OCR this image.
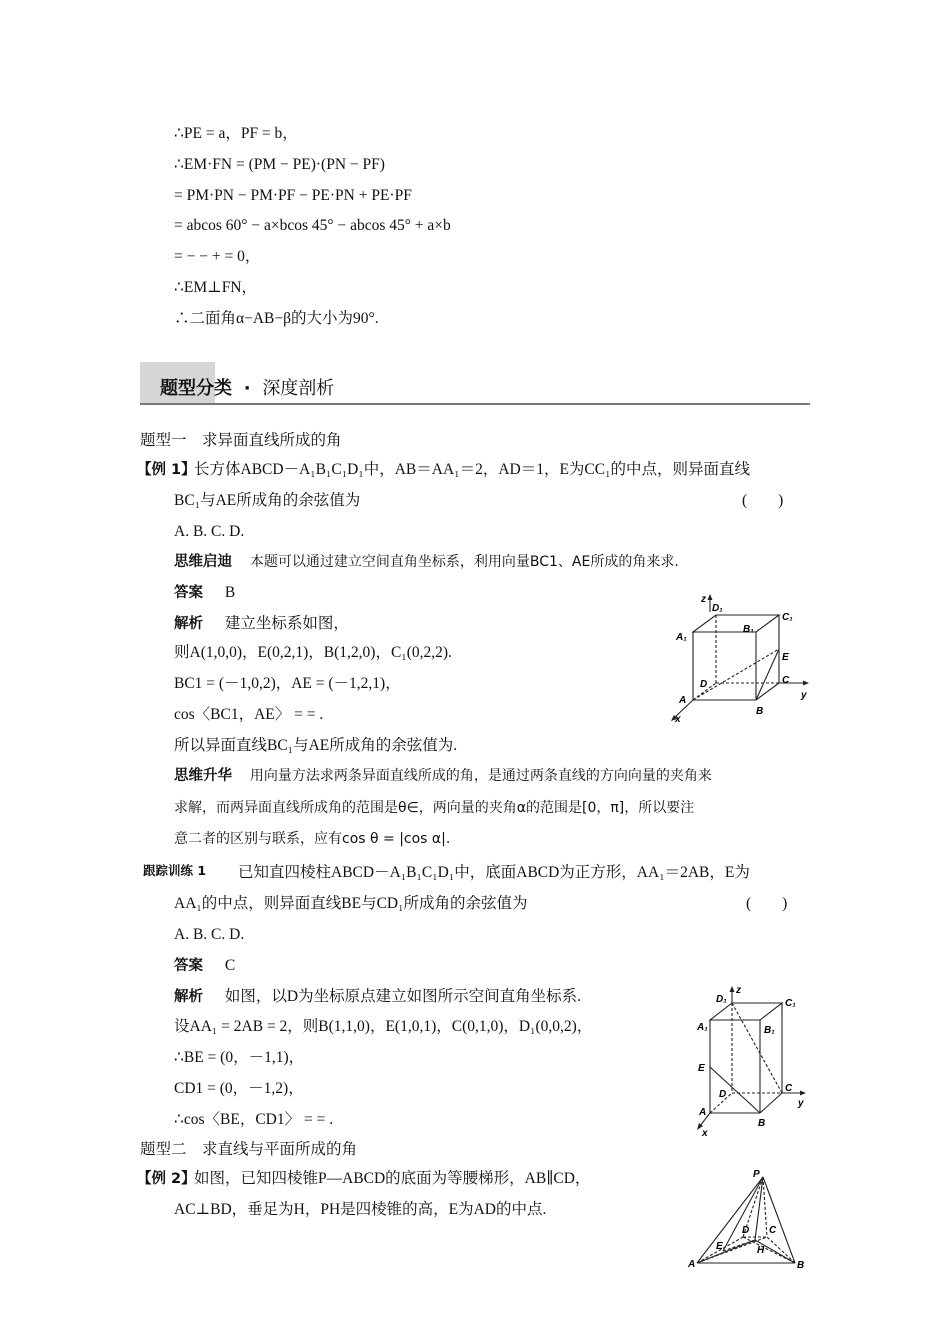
∴PE = a，PF = b，
∴EM·FN = (PM − PE)·(PN − PF)
= PM·PN − PM·PF − PE·PN + PE·PF
= abcos 60° − a×bcos 45° − abcos 45° + a×b
= − − + = 0，
∴EM⊥FN，
∴二面角α−AB−β的大小为90°.
题型分类 · 深度剖析
题型一　求异面直线所成的角
【例 1】
长方体ABCD－A₁B₁C₁D₁中，AB＝AA₁＝2，AD＝1，E为CC₁的中点，则异面直线
BC₁与AE所成角的余弦值为	(　　)
A. B. C. D.
思维启迪 本题可以通过建立空间直角坐标系，利用向量BC1、AE所成的角来求.
答案 B
解析 建立坐标系如图，
则A(1,0,0)，E(0,2,1)，B(1,2,0)，C₁(0,2,2).
BC1 = (－1,0,2)，AE = (－1,2,1)，
cos〈BC1，AE〉 = = .
所以异面直线BC₁与AE所成角的余弦值为.
思维升华 用向量方法求两条异面直线所成的角，是通过两条直线的方向向量的夹角来
求解，而两异面直线所成角的范围是θ∈，两向量的夹角α的范围是[0，π]，所以要注
意二者的区别与联系，应有cos θ = |cos α|.
z
y
x
D₁
C₁
A₁
B₁
E
D	C
A
B
跟踪训练 1 已知直四棱柱ABCD－A₁B₁C₁D₁中，底面ABCD为正方形，AA₁＝2AB，E为
AA₁的中点，则异面直线BE与CD₁所成角的余弦值为	(　　)
A. B. C. D.
答案 C
解析 如图，以D为坐标原点建立如图所示空间直角坐标系.
设AA₁ = 2AB = 2，则B(1,1,0)，E(1,0,1)，C(0,1,0)，D₁(0,0,2)，
∴BE = (0，－1,1)，
CD1 = (0，－1,2)，
∴cos〈BE，CD1〉 = = .
z
y
x
D₁	C₁
A₁	B₁
E
D
C
A
B
题型二　求直线与平面所成的角
【例 2】
如图，已知四棱锥P—ABCD的底面为等腰梯形，AB∥CD，
AC⊥BD，垂足为H，PH是四棱锥的高，E为AD的中点.
P
A	B
C
D
E	H
